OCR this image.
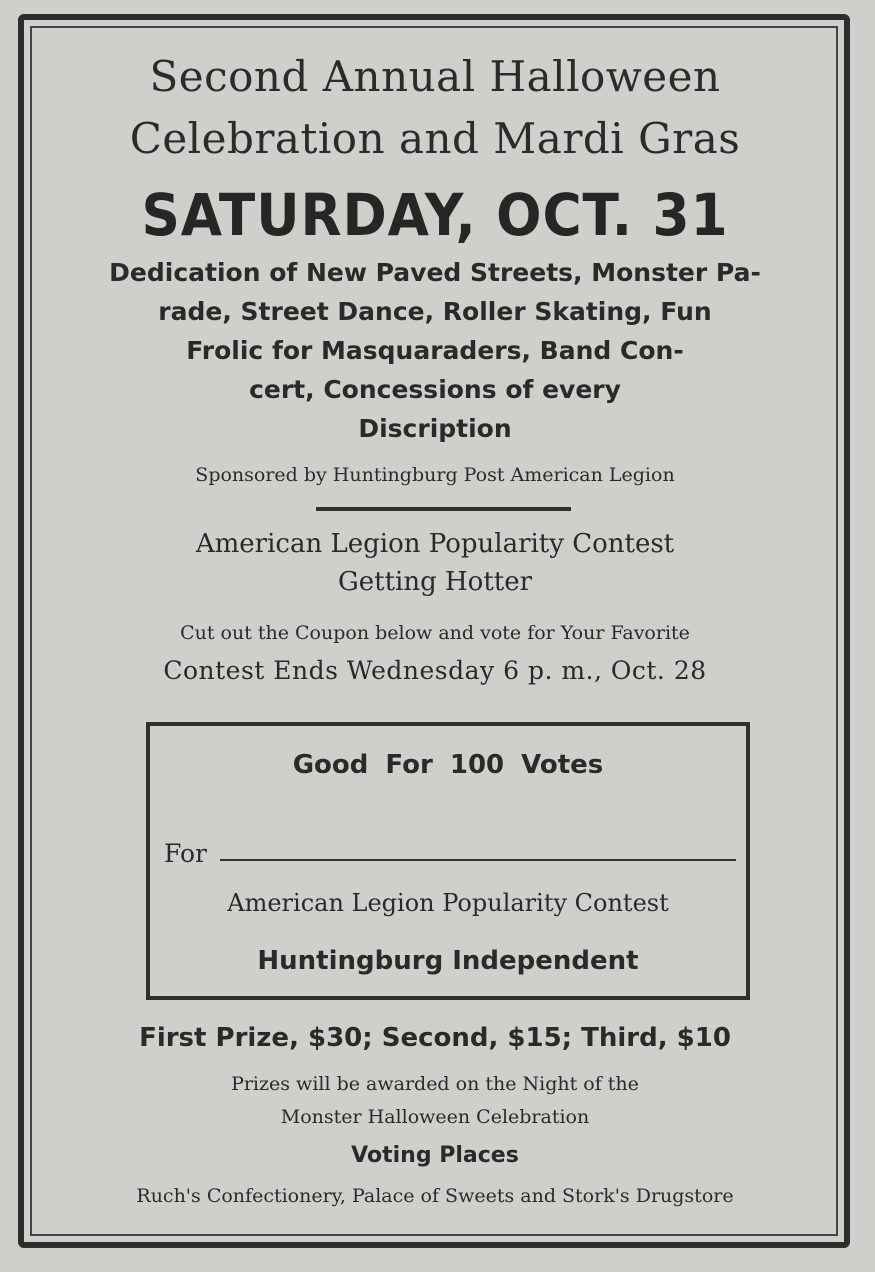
Second Annual Halloween
Celebration and Mardi Gras
SATURDAY, OCT. 31
Dedication of New Paved Streets, Monster Pa-
rade, Street Dance, Roller Skating, Fun
Frolic for Masquaraders, Band Con-
cert, Concessions of every
Discription
Sponsored by Huntingburg Post American Legion
American Legion Popularity Contest
Getting Hotter
Cut out the Coupon below and vote for Your Favorite
Contest Ends Wednesday 6 p. m., Oct. 28
Good For 100 Votes
For
American Legion Popularity Contest
Huntingburg Independent
First Prize, $30; Second, $15; Third, $10
Prizes will be awarded on the Night of the
Monster Halloween Celebration
Voting Places
Ruch's Confectionery, Palace of Sweets and Stork's Drugstore
